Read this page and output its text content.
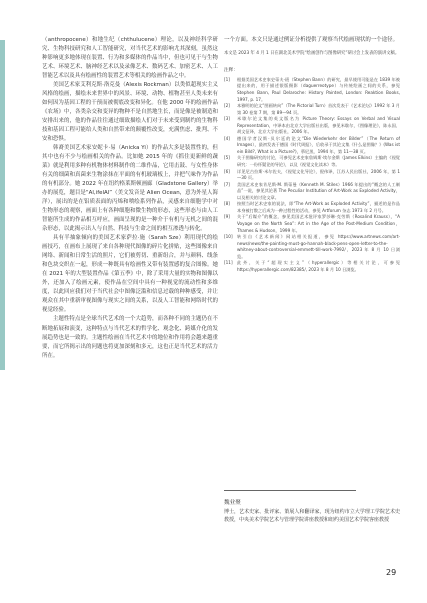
（anthropocene）和地生纪（chthulucene）理论，以及神经科学研究、生物科技研究和人工智能研究，对当代艺术的影响尤其深刻，虽然这种影响更多地体现在装置、行为和多媒体的作品当中，但也可见于与生物艺术、环境艺术、脑神经艺术以及录像艺术、数码艺术、加密艺术、人工智能艺术以及具有绘画性的装置艺术等相关的绘画作品之中。

美国艺术家艾利克斯·洛克曼（Alexis Rockman）以类似超现实主义风格的绘画，描绘未来世界中的风景、环境、动物、植物甚至人类未来有如何因为基因工程的干预而被彻底改变和异化。在他 2000 年的绘画作品《农场》中，各类杂交和变异的物种不是自然地生长，而是像是被制造和安排出来的，他的作品往往通过细致描绘人们对于未来受到制约的生物科技和基因工程可能给人类和自然带来的颠覆性改变，充满焦虑、批判、不安和恐惧。

韩裔美国艺术家安妮卡·易（Anicka Yi）的作品大多是装置性的，但其中也有不少与绘画相关的作品。比如她 2015 年的《抓住更新鲜的蔬菜》就是利用多种有机物体材料制作的二维作品，它用击鼓、与女性身体有关的细菌和真菌来生物涂抹在平面的有机玻璃板上，并把气味作为作品的有机部分。她 2022 年在纽约格莱斯顿画廊（Gladstone Gallery）举办的展览，题目是“Al,ifelAl”（美文发音是 Alien Ocean，意为外星人海洋），展出的是在铝质表面的丙烯和喷绘系列作品，灵感来自细胞学中对生物形态的观察，画面上有各种细胞和微生物的形态，这些形态与由人工智能所生成的作品相互呼应，画面呈现的是一种介于有机与无机之间的混杂形态，以此揭示出人与自然、科技与生命之间的相互渗透与转化。

具有半抽象倾向的美国艺术家萨拉·施（Sarah Sze）利用现代的绘画技巧，在画布上展现了来自各种现代图像的碎片化拼贴，这些图像来自网络、新闻和日常生活的照片，它们被剪切、重新组合，并与颜料、线条和色块交织在一起，形成一种既具有绘画性又带有装置感的复合图像。她在 2021 年的大型装置作品《第五季》中，除了采用大量的实物和图像以外，还加入了绘画元素，使作品在空间中具有一种视觉的流动性和多维度，以此回应我们对于当代社会中图像泛滥和信息过载的种种感受，并让观众在其中重新审视图像与现实之间的关系，以及人工智能和网络时代的视觉经验。

主题性特点是全球当代艺术的一个大趋势，而各种不同的主题仍在不断地拓展和演变，这种特点与当代艺术的哲学化、观念化、跨媒介化的发展趋势也是一致的。主题性绘画在当代艺术中的地位和作用将会越来越重要，而它所揭示出的问题也将更加深刻和多元，这也正是当代艺术的活力所在。

一个方面。本文只是通过例证分析提供了观察当代绘画现状的一个途径。

本文是 2023 年 4 月 1 日在湖北美术学院“绘画创作与图像研究”研讨会上发表的演讲文稿。

注释：

[1]	根据美国艺术史家史蒂夫·班（Stephen Bann）的研究，最早使用可能是在 1839 年被提出来的，用于描述银版摄影（daguerreotype）与传统绘画之间的关系，参见 Stephen Bann, Paul Delaroche: History Painted, London: Reaktion Books, 1997, p. 17。
[2]	本雅明的论文“图画转向”（The Pictorial Turn）首次发表于《艺术论坛》1992 年 3 月第 30 卷第 7 期，第 89—94 页。
[3]	米歇尔论文集的英文版名为 Picture Theory: Essays on Verbal and Visual Representation，中译本由北京大学出版社出版，参见米歇尔，《图像理论》，陈永国、胡文征译，北京大学出版社，2006 年。
[4]	德国学者汉斯·贝尔廷的论文“Die Wiederkehr der Bilder”（The Return of Images），最初发表于德国《时代周报》，后收录于其论文集《什么是图像？》(Was ist ein Bild?, What is a Picture?)，慕尼黑，1994 年，第 11—38 页。
[5]	关于图像研究的讨论，可参见艺术史家詹姆斯·埃尔金斯（James Elkins）主编的《视觉研究：一份怀疑论的导论》，以及《视觉文化读本》等。
[6]	详见尼古拉斯·米尔佐夫，《视觉文化导论》，倪伟译，江苏人民出版社，2006 年，第 1—30 页。
[7]	美国艺术史家肯尼斯·M. 斯蒂曼（Kenneth M. Stiles）1966 年提出的“概念的人工制品”一说，参见其论著 The Peculiar Institution of Art-Work as Exploded Activity，以及相关的讨论文章。
[8]	按照当时艺术史家的说法，即“The Art-Work as Exploded Activity”，描述的是作品本身被打散之后成为一种过程性的活动，参见 Artforum 杂志 1973 年 2 月号。
[9]	关于“后媒介”的概念，参见美国艺术批评家罗莎琳·克劳斯（Rosalind Krauss），“A Voyage on the North Sea”: Art in the Age of the Post-Medium Condition，Thames & Hudson，1999 年。
[10]	转引自《艺术新闻》网站相关报道，参见 https://www.artnews.com/art-news/news/the-painting-must-go-hannah-black-pens-open-letter-to-the-whitney-about-controversial-emmett-till-work-7992/，2023 年 8 月 10 日浏览。
[11]	此外，关于“超现实主义”（hyperallergic）等相关讨论，可参见 https://hyperallergic.com/82385/, 2023 年 8 月 10 日浏览。

魏业聚

博士，艺术史家、批评家、策展人和翻译家，现为纽约市立大学理工学院艺术史教授，中央美术学院艺术与管理学院讲座教授和纽约美国艺术学院客座教授

29
